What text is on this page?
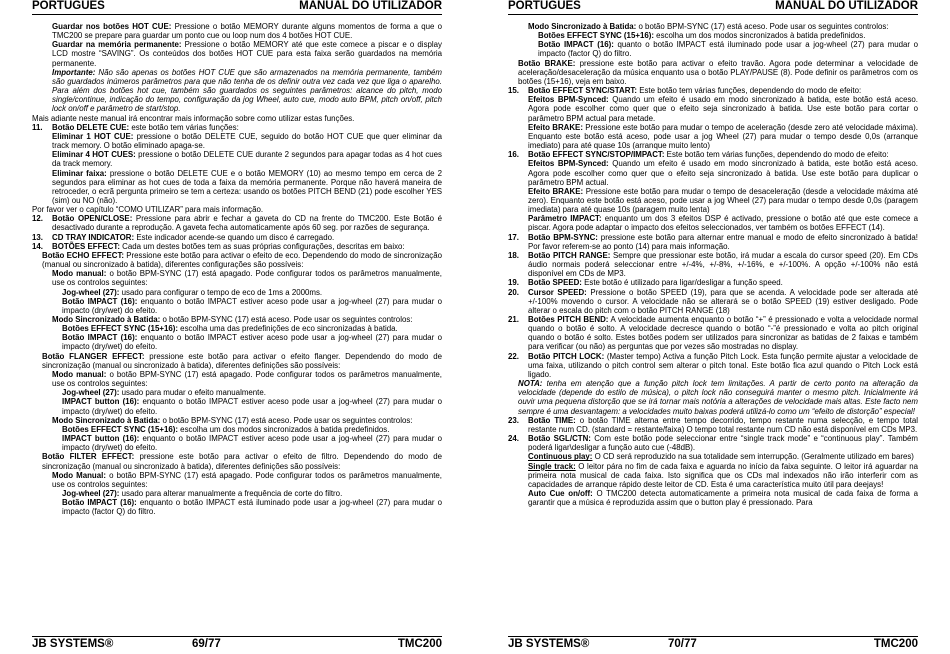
PORTUGUÊS	MANUAL DO UTILIZADOR

• Guardar nos botões HOT CUE: Pressione o botão MEMORY durante alguns momentos de forma a que o TMC200 se prepare para guardar um ponto cue ou loop num dos 4 botões HOT CUE.

• Guardar na memória permanente: Pressione o botão MEMORY até que este comece a piscar e o display LCD mostre “SAVING”. Os conteúdos dos botões HOT CUE para esta faixa serão guardados na memória permanente.

Importante: Não são apenas os botões HOT CUE que são armazenados na memória permanente, também são guardados inúmeros parâmetros para que não tenha de os definir outra vez cada vez que liga o aparelho. Para além dos botões hot cue, também são guardados os seguintes parâmetros: alcance do pitch, modo single/continue, indicação do tempo, configuração da jog Wheel, auto cue, modo auto BPM, pitch on/off, pitch lock on/off e parâmetro de start/stop.

Mais adiante neste manual irá encontrar mais informação sobre como utilizar estas funções.

11. Botão DELETE CUE: este botão tem várias funções:

• Eliminar 1 HOT CUE: pressione o botão DELETE CUE, seguido do botão HOT CUE que quer eliminar da track memory. O botão eliminado apaga-se.

• Eliminar 4 HOT CUES: pressione o botão DELETE CUE durante 2 segundos para apagar todas as 4 hot cues da track memory.

• Eliminar faixa: pressione o botão DELETE CUE e o botão MEMORY (10) ao mesmo tempo em cerca de 2 segundos para eliminar as hot cues de toda a faixa da memória permanente. Porque não haverá maneira de retroceder, o ecrã pergunta primeiro se tem a certeza: usando os botões PITCH BEND (21) pode escolher YES (sim) ou NO (não).

Por favor ver o capítulo “COMO UTILIZAR” para mais informação.

12. Botão OPEN/CLOSE: Pressione para abrir e fechar a gaveta do CD na frente do TMC200. Este Botão é desactivado durante a reprodução. A gaveta fecha automaticamente após 60 seg. por razões de segurança.

13. CD TRAY INDICATOR: Este indicador acende-se quando um disco é carregado.

14. BOTÕES EFFECT: Cada um destes botões tem as suas próprias configurações, descritas em baixo:

Botão ECHO EFFECT: Pressione este botão para activar o efeito de eco. Dependendo do modo de sincronização (manual ou sincronizado à batida), diferentes configurações são possíveis:

• Modo manual: o botão BPM-SYNC (17) está apagado. Pode configurar todos os parâmetros manualmente, use os controlos seguintes:

• Jog-wheel (27): usado para configurar o tempo de eco de 1ms a 2000ms.

• Botão IMPACT (16): enquanto o botão IMPACT estiver aceso pode usar a jog-wheel (27) para mudar o impacto (dry/wet) do efeito.

• Modo Sincronizado à Batida: o botão BPM-SYNC (17) está aceso. Pode usar os seguintes controlos:

• Botões EFFECT SYNC (15+16): escolha uma das predefinições de eco sincronizadas à batida.

• Botão IMPACT (16): enquanto o botão IMPACT estiver aceso pode usar a jog-wheel (27) para mudar o impacto (dry/wet) do efeito.

Botão FLANGER EFFECT: pressione este botão para activar o efeito flanger. Dependendo do modo de sincronização (manual ou sincronizado à batida), diferentes definições são possíveis:

• Modo manual: o botão BPM-SYNC (17) está apagado. Pode configurar todos os parâmetros manualmente, use os controlos seguintes:

• Jog-wheel (27): usado para mudar o efeito manualmente.

• IMPACT button (16): enquanto o botão IMPACT estiver aceso pode usar a jog-wheel (27) para mudar o impacto (dry/wet) do efeito.

• Modo Sincronizado à Batida: o botão BPM-SYNC (17) está aceso. Pode usar os seguintes controlos:

• Botões EFFECT SYNC (15+16): escolha um dos modos sincronizados à batida predefinidos.

• IMPACT button (16): enquanto o botão IMPACT estiver aceso pode usar a jog-wheel (27) para mudar o impacto (dry/wet) do efeito.

Botão FILTER EFFECT: pressione este botão para activar o efeito de filtro. Dependendo do modo de sincronização (manual ou sincronizado à batida), diferentes definições são possíveis:

• Modo Manual: o botão BPM-SYNC (17) está apagado. Pode configurar todos os parâmetros manualmente, use os controlos seguintes:

• Jog-wheel (27): usado para alterar manualmente a frequência de corte do filtro.

• Botão IMPACT (16): enquanto o botão IMPACT está iluminado pode usar a jog-wheel (27) para mudar o impacto (factor Q) do filtro.

JB SYSTEMS®	69/77	TMC200
PORTUGUÊS	MANUAL DO UTILIZADOR

• Modo Sincronizado à Batida: o botão BPM-SYNC (17) está aceso. Pode usar os seguintes controlos:

• Botões EFFECT SYNC (15+16): escolha um dos modos sincronizados à batida predefinidos.

• Botão IMPACT (16): quanto o botão IMPACT está iluminado pode usar a jog-wheel (27) para mudar o impacto (factor Q) do filtro.

Botão BRAKE: pressione este botão para activar o efeito travão. Agora pode determinar a velocidade de aceleração/desaceleração da música enquanto usa o botão PLAY/PAUSE (8). Pode definir os parâmetros com os botões (15+16), veja em baixo.

15. Botão EFFECT SYNC/START: Este botão tem várias funções, dependendo do modo de efeito:

• Efeitos BPM-Synced: Quando um efeito é usado em modo sincronizado à batida, este botão está aceso. Agora pode escolher como quer que o efeito seja sincronizado à batida. Use este botão para cortar o parâmetro BPM actual para metade.

• Efeito BRAKE: Pressione este botão para mudar o tempo de aceleração (desde zero até velocidade máxima). Enquanto este botão está aceso, pode usar a jog Wheel (27) para mudar o tempo desde 0,0s (arranque imediato) para até quase 10s (arranque muito lento)

16. Botão EFFECT SYNC/STOP/IMPACT: Este botão tem várias funções, dependendo do modo de efeito:

• Efeitos BPM-Synced: Quando um efeito é usado em modo sincronizado à batida, este botão está aceso. Agora pode escolher como quer que o efeito seja sincronizado à batida. Use este botão para duplicar o parâmetro BPM actual.

• Efeito BRAKE: Pressione este botão para mudar o tempo de desaceleração (desde a velocidade máxima até zero). Enquanto este botão está aceso, pode usar a jog Wheel (27) para mudar o tempo desde 0,0s (paragem imediata) para até quase 10s (paragem muito lenta)

• Parâmetro IMPACT: enquanto um dos 3 efeitos DSP é activado, pressione o botão até que este comece a piscar. Agora pode adaptar o impacto dos efeitos seleccionados, ver também os botões EFFECT (14).

17. Botão BPM-SYNC: pressione este botão para alternar entre manual e modo de efeito sincronizado à batida! Por favor referem-se ao ponto (14) para mais informação.

18. Botão PITCH RANGE: Sempre que pressionar este botão, irá mudar a escala do cursor speed (20). Em CDs áudio normais poderá seleccionar entre +/-4%, +/-8%, +/-16%, e +/-100%. A opção +/-100% não está disponível em CDs de MP3.

19. Botão SPEED: Este botão é utilizado para ligar/desligar a função speed.

20. Cursor SPEED: Pressione o botão SPEED (19), para que se acenda. A velocidade pode ser alterada até +/-100% movendo o cursor. A velocidade não se alterará se o botão SPEED (19) estiver desligado. Pode alterar o escala do pitch com o botão PITCH RANGE (18)

21. Botões PITCH BEND: A velocidade aumenta enquanto o botão “+” é pressionado e volta a velocidade normal quando o botão é solto. A velocidade decresce quando o botão “-”é pressionado e volta ao pitch original quando o botão é solto. Estes botões podem ser utilizados para sincronizar as batidas de 2 faixas e também para verificar (ou não) as perguntas que por vezes são mostradas no display.

22. Botão PITCH LOCK: (Master tempo) Activa a função Pitch Lock. Esta função permite ajustar a velocidade de uma faixa, utilizando o pitch control sem alterar o pitch tonal. Este botão fica azul quando o Pitch Lock está ligado.

NOTA: tenha em atenção que a função pitch lock tem limitações. A partir de certo ponto na alteração da velocidade (depende do estilo de música), o pitch lock não conseguirá manter o mesmo pitch. Inicialmente irá ouvir uma pequena distorção que se irá tornar mais notória a alterações de velocidade mais altas. Este facto nem sempre é uma desvantagem: a velocidades muito baixas poderá utilizá-lo como um “efeito de distorção” especial!

23. Botão TIME: o botão TIME alterna entre tempo decorrido, tempo restante numa selecção, e tempo total restante num CD. (standard = restante/faixa) O tempo total restante num CD não está disponível em CDs MP3.

24. Botão SGL/CTN: Com este botão pode seleccionar entre “single track mode” e “continuous play”. Também poderá ligar\desligar a função auto cue (-48dB).

• Continuous play: O CD será reproduzido na sua totalidade sem interrupção. (Geralmente utilizado em bares)

• Single track: O leitor pára no fim de cada faixa e aguarda no início da faixa seguinte. O leitor irá aguardar na primeira nota musical de cada faixa. Isto significa que os CDs mal indexados não irão interferir com as capacidades de arranque rápido deste leitor de CD. Esta é uma característica muito útil para deejays!

• Auto Cue on/off: O TMC200 detecta automaticamente a primeira nota musical de cada faixa de forma a garantir que a música é reproduzida assim que o button play é pressionado. Para

JB SYSTEMS®	70/77	TMC200
